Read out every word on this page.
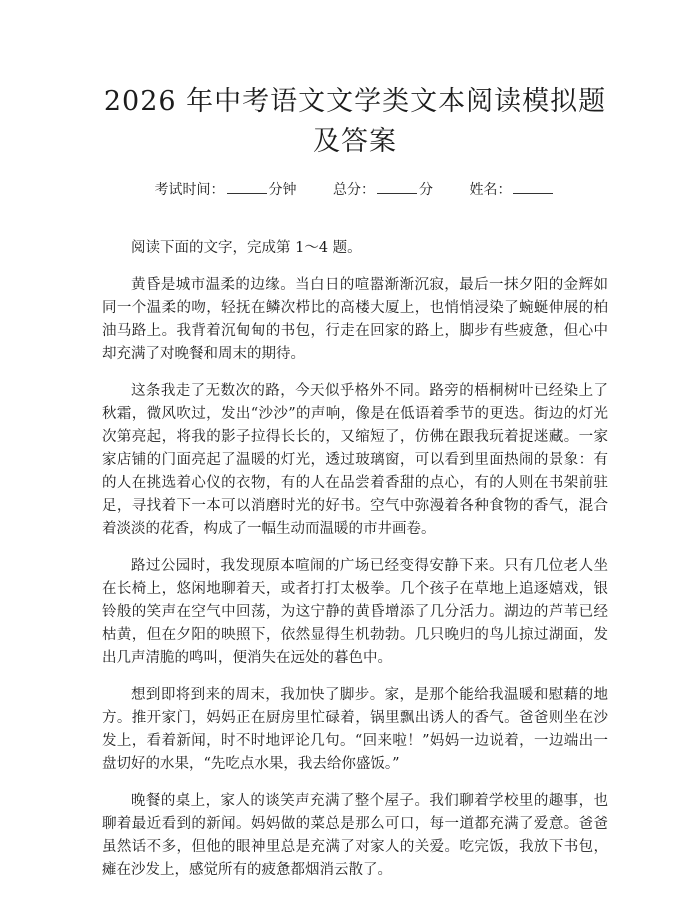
2026 年中考语文文学类文本阅读模拟题及答案
考试时间：	分钟	总分：	分	姓名：

阅读下面的文字，完成第 1～4 题。

黄昏是城市温柔的边缘。当白日的喧嚣渐渐沉寂，最后一抹夕阳的金辉如同一个温柔的吻，轻抚在鳞次栉比的高楼大厦上，也悄悄浸染了蜿蜒伸展的柏油马路上。我背着沉甸甸的书包，行走在回家的路上，脚步有些疲惫，但心中却充满了对晚餐和周末的期待。

这条我走了无数次的路，今天似乎格外不同。路旁的梧桐树叶已经染上了秋霜，微风吹过，发出“沙沙”的声响，像是在低语着季节的更迭。街边的灯光次第亮起，将我的影子拉得长长的，又缩短了，仿佛在跟我玩着捉迷藏。一家家店铺的门面亮起了温暖的灯光，透过玻璃窗，可以看到里面热闹的景象：有的人在挑选着心仪的衣物，有的人在品尝着香甜的点心，有的人则在书架前驻足，寻找着下一本可以消磨时光的好书。空气中弥漫着各种食物的香气，混合着淡淡的花香，构成了一幅生动而温暖的市井画卷。

路过公园时，我发现原本喧闹的广场已经变得安静下来。只有几位老人坐在长椅上，悠闲地聊着天，或者打打太极拳。几个孩子在草地上追逐嬉戏，银铃般的笑声在空气中回荡，为这宁静的黄昏增添了几分活力。湖边的芦苇已经枯黄，但在夕阳的映照下，依然显得生机勃勃。几只晚归的鸟儿掠过湖面，发出几声清脆的鸣叫，便消失在远处的暮色中。

想到即将到来的周末，我加快了脚步。家，是那个能给我温暖和慰藉的地方。推开家门，妈妈正在厨房里忙碌着，锅里飘出诱人的香气。爸爸则坐在沙发上，看着新闻，时不时地评论几句。“回来啦！”妈妈一边说着，一边端出一盘切好的水果，“先吃点水果，我去给你盛饭。”

晚餐的桌上，家人的谈笑声充满了整个屋子。我们聊着学校里的趣事，也聊着最近看到的新闻。妈妈做的菜总是那么可口，每一道都充满了爱意。爸爸虽然话不多，但他的眼神里总是充满了对家人的关爱。吃完饭，我放下书包，瘫在沙发上，感觉所有的疲惫都烟消云散了。
